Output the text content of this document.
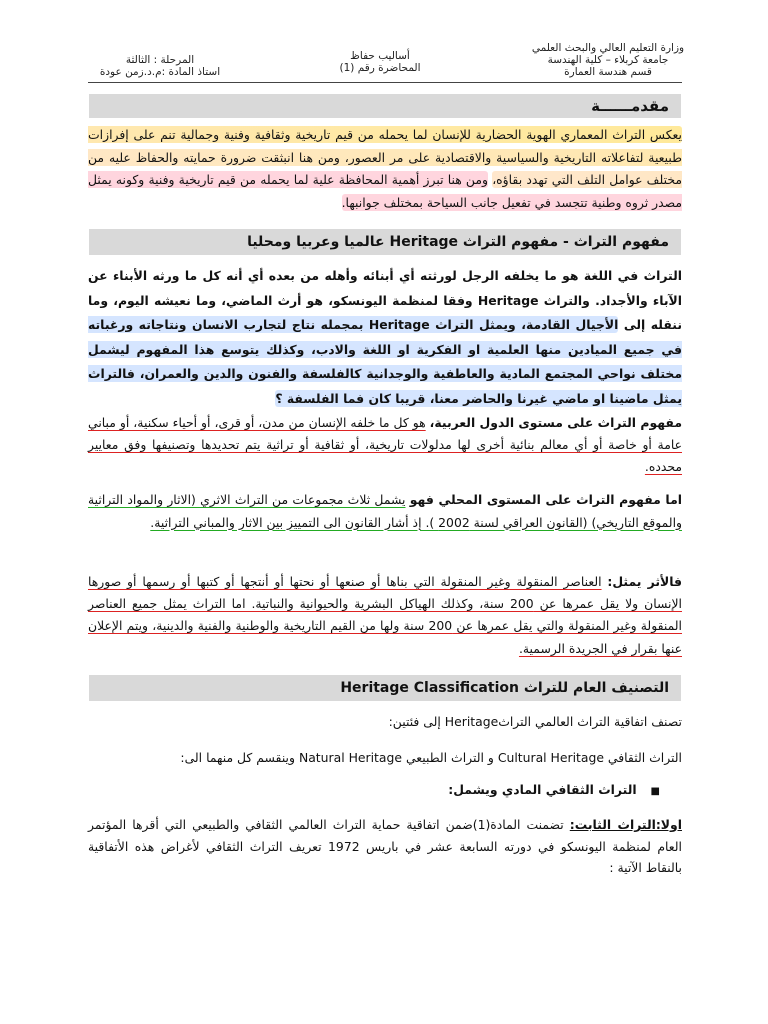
وزارة التعليم العالي والبحث العلمي
جامعة كربلاء – كلية الهندسة
قسم هندسة العمارة
أساليب حفاظ
المحاضرة رقم (1)
المرحلة : الثالثة
استاذ المادة :م.د.زمن عودة
مقدمــــــة
يعكس التراث المعماري الهوية الحضارية للإنسان لما يحمله من قيم تاريخية وثقافية وفنية وجمالية تنم على إفرازات طبيعية لتفاعلاته التاريخية والسياسية والاقتصادية على مر العصور، ومن هنا انبثقت ضرورة حمايته والحفاظ عليه من مختلف عوامل التلف التي تهدد بقاؤه، ومن هنا تبرز أهمية المحافظة علية لما يحمله من قيم تاريخية وفنية وكونه يمثل مصدر ثروه وطنية تتجسد في تفعيل جانب السياحة بمختلف جوانبها.
مفهوم التراث - مفهوم التراث Heritage عالميا وعربيا ومحليا
التراث في اللغة هو ما يخلفه الرجل لورثته أي أبنائه وأهله من بعده أي أنه كل ما ورثه الأبناء عن الآباء والأجداد. والتراث Heritage وفقا لمنظمة اليونسكو، هو أرث الماضي، وما نعيشه اليوم، وما ننقله إلى الأجيال القادمة، ويمثل التراث Heritage بمجمله نتاج لتجارب الانسان ونتاجاته ورغباته في جميع الميادين منها العلمية او الفكرية او اللغة والادب، وكذلك يتوسع هذا المفهوم ليشمل مختلف نواحي المجتمع المادية والعاطفية والوجدانية كالفلسفة والفنون والدين والعمران، فالتراث يمثل ماضينا او ماضي غيرنا والحاضر معنا، قريبا كان فما الفلسفة ؟
مفهوم التراث على مستوى الدول العربية، هو كل ما خلفه الإنسان من مدن، أو قرى، أو أحياء سكنية، أو مباني عامة أو خاصة أو أي معالم بنائية أخرى لها مدلولات تاريخية، أو ثقافية أو تراثية يتم تحديدها وتصنيفها وفق معايير محدده.
اما مفهوم التراث على المستوى المحلي فهو يشمل ثلاث مجموعات من التراث الاثري (الاثار والمواد التراثية والموقع التاريخي) (القانون العراقي لسنة 2002 ). إذ أشار القانون الى التمييز بين الاثار والمباني التراثية.
فالأثر يمثل: العناصر المنقولة وغير المنقولة التي بناها أو صنعها أو نحتها أو أنتجها أو كتبها أو رسمها أو صورها الإنسان ولا يقل عمرها عن 200 سنة، وكذلك الهياكل البشرية والحيوانية والنباتية. اما التراث يمثل جميع العناصر المنقولة وغير المنقولة والتي يقل عمرها عن 200 سنة ولها من القيم التاريخية والوطنية والفنية والدينية، ويتم الإعلان عنها بقرار في الجريدة الرسمية.
التصنيف العام للتراث Heritage Classification
تصنف اتفاقية التراث العالمي التراثHeritage إلى فئتين:
التراث الثقافي Cultural Heritage و التراث الطبيعي Natural Heritage وينقسم كل منهما الى:
■ التراث الثقافي المادي ويشمل:
اولا:التراث الثابت: تضمنت المادة(1)ضمن اتفاقية حماية التراث العالمي الثقافي والطبيعي التي أقرها المؤتمر العام لمنظمة اليونسكو في دورته السابعة عشر في باريس 1972 تعريف التراث الثقافي لأغراض هذه الأتفاقية بالنقاط الآتية :
